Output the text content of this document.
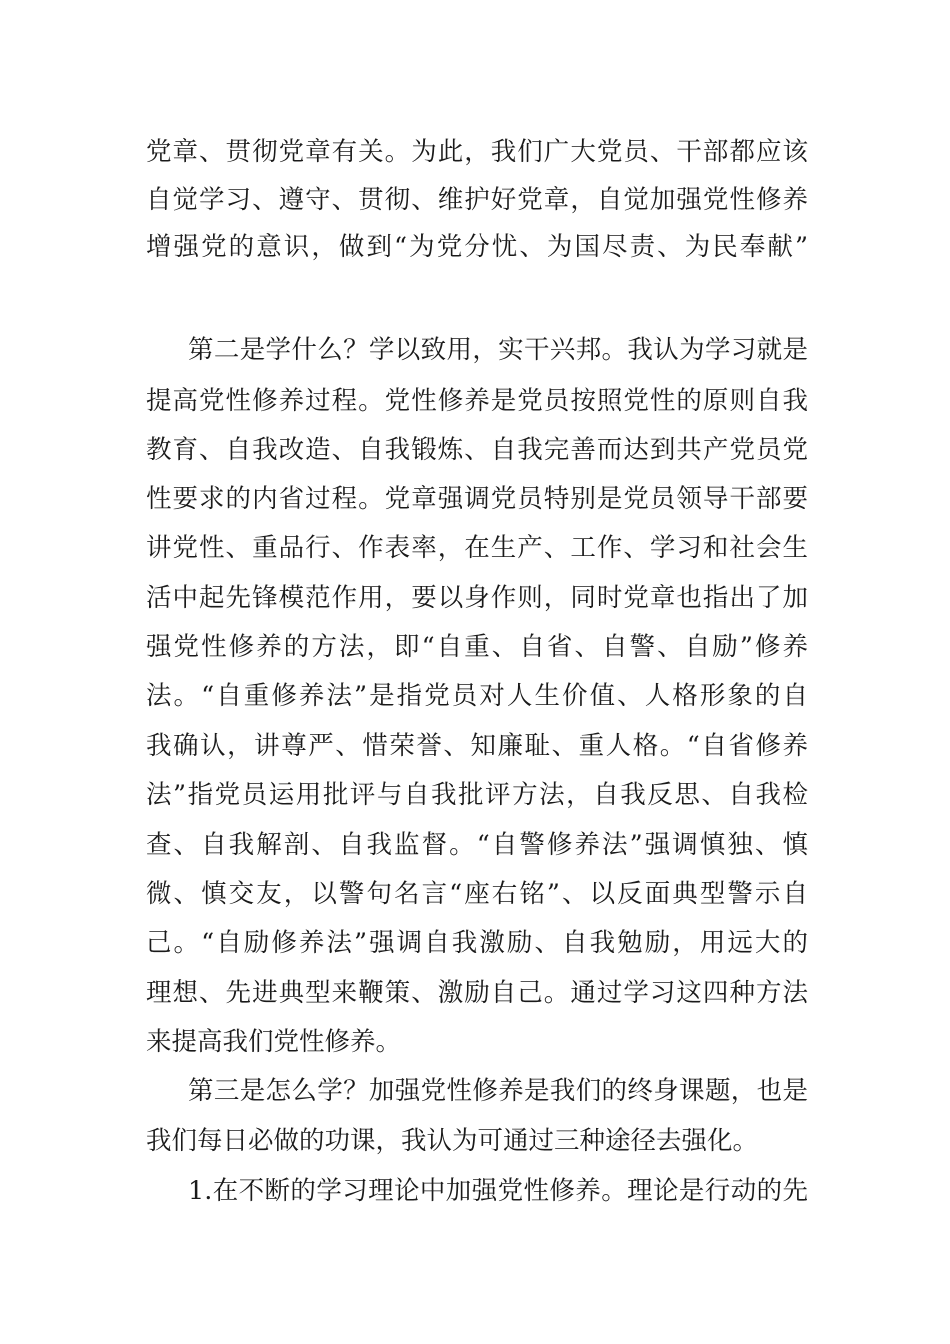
党章、贯彻党章有关。为此，我们广大党员、干部都应该
自觉学习、遵守、贯彻、维护好党章，自觉加强党性修养
增强党的意识，做到“为党分忧、为国尽责、为民奉献”
第二是学什么？学以致用，实干兴邦。我认为学习就是
提高党性修养过程。党性修养是党员按照党性的原则自我
教育、自我改造、自我锻炼、自我完善而达到共产党员党
性要求的内省过程。党章强调党员特别是党员领导干部要
讲党性、重品行、作表率，在生产、工作、学习和社会生
活中起先锋模范作用，要以身作则，同时党章也指出了加
强党性修养的方法，即“自重、自省、自警、自励”修养
法。“自重修养法”是指党员对人生价值、人格形象的自
我确认，讲尊严、惜荣誉、知廉耻、重人格。“自省修养
法”指党员运用批评与自我批评方法，自我反思、自我检
查、自我解剖、自我监督。“自警修养法”强调慎独、慎
微、慎交友，以警句名言“座右铭”、以反面典型警示自
己。“自励修养法”强调自我激励、自我勉励，用远大的
理想、先进典型来鞭策、激励自己。通过学习这四种方法
来提高我们党性修养。
第三是怎么学？加强党性修养是我们的终身课题，也是
我们每日必做的功课，我认为可通过三种途径去强化。
1.在不断的学习理论中加强党性修养。理论是行动的先
